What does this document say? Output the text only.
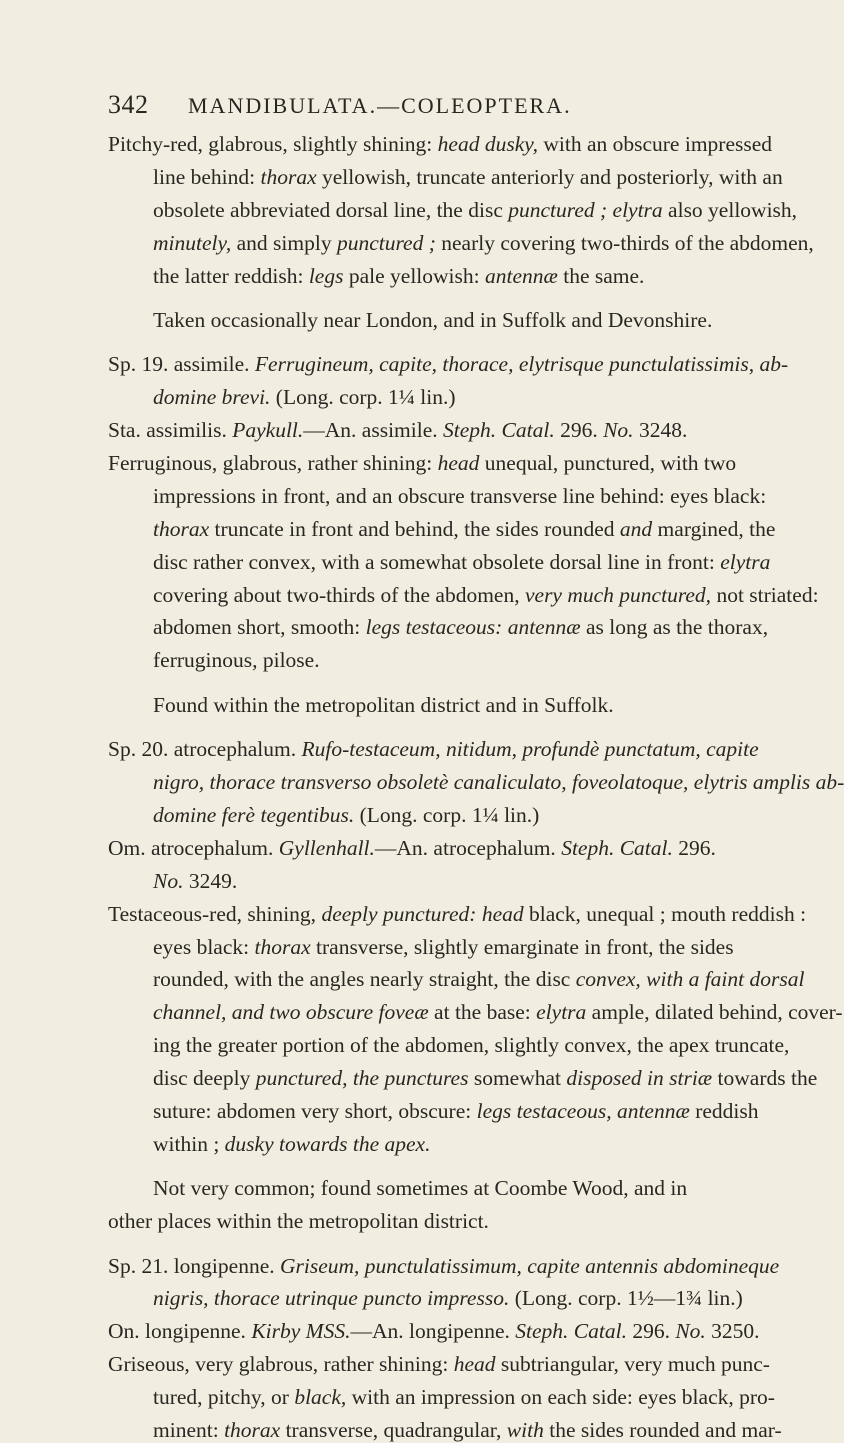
342 MANDIBULATA.—COLEOPTERA.
Pitchy-red, glabrous, slightly shining: head dusky, with an obscure impressed
line behind: thorax yellowish, truncate anteriorly and posteriorly, with an
obsolete abbreviated dorsal line, the disc punctured ; elytra also yellowish,
minutely, and simply punctured ; nearly covering two-thirds of the abdomen,
the latter reddish: legs pale yellowish: antennæ the same.
Taken occasionally near London, and in Suffolk and Devonshire.
Sp. 19. assimile. Ferrugineum, capite, thorace, elytrisque punctulatissimis, ab-
domine brevi. (Long. corp. 1¼ lin.)
Sta. assimilis. Paykull.—An. assimile. Steph. Catal. 296. No. 3248.
Ferruginous, glabrous, rather shining: head unequal, punctured, with two
impressions in front, and an obscure transverse line behind: eyes black:
thorax truncate in front and behind, the sides rounded and margined, the
disc rather convex, with a somewhat obsolete dorsal line in front: elytra
covering about two-thirds of the abdomen, very much punctured, not striated:
abdomen short, smooth: legs testaceous: antennæ as long as the thorax,
ferruginous, pilose.
Found within the metropolitan district and in Suffolk.
Sp. 20. atrocephalum. Rufo-testaceum, nitidum, profundè punctatum, capite
nigro, thorace transverso obsoletè canaliculato, foveolatoque, elytris amplis ab-
domine ferè tegentibus. (Long. corp. 1¼ lin.)
Om. atrocephalum. Gyllenhall.—An. atrocephalum. Steph. Catal. 296.
No. 3249.
Testaceous-red, shining, deeply punctured: head black, unequal ; mouth reddish :
eyes black: thorax transverse, slightly emarginate in front, the sides
rounded, with the angles nearly straight, the disc convex, with a faint dorsal
channel, and two obscure foveæ at the base: elytra ample, dilated behind, cover-
ing the greater portion of the abdomen, slightly convex, the apex truncate,
disc deeply punctured, the punctures somewhat disposed in striæ towards the
suture: abdomen very short, obscure: legs testaceous, antennæ reddish
within ; dusky towards the apex.
Not very common; found sometimes at Coombe Wood, and in
other places within the metropolitan district.
Sp. 21. longipenne. Griseum, punctulatissimum, capite antennis abdomineque
nigris, thorace utrinque puncto impresso. (Long. corp. 1½—1¾ lin.)
On. longipenne. Kirby MSS.—An. longipenne. Steph. Catal. 296. No. 3250.
Griseous, very glabrous, rather shining: head subtriangular, very much punc-
tured, pitchy, or black, with an impression on each side: eyes black, pro-
minent: thorax transverse, quadrangular, with the sides rounded and mar-
